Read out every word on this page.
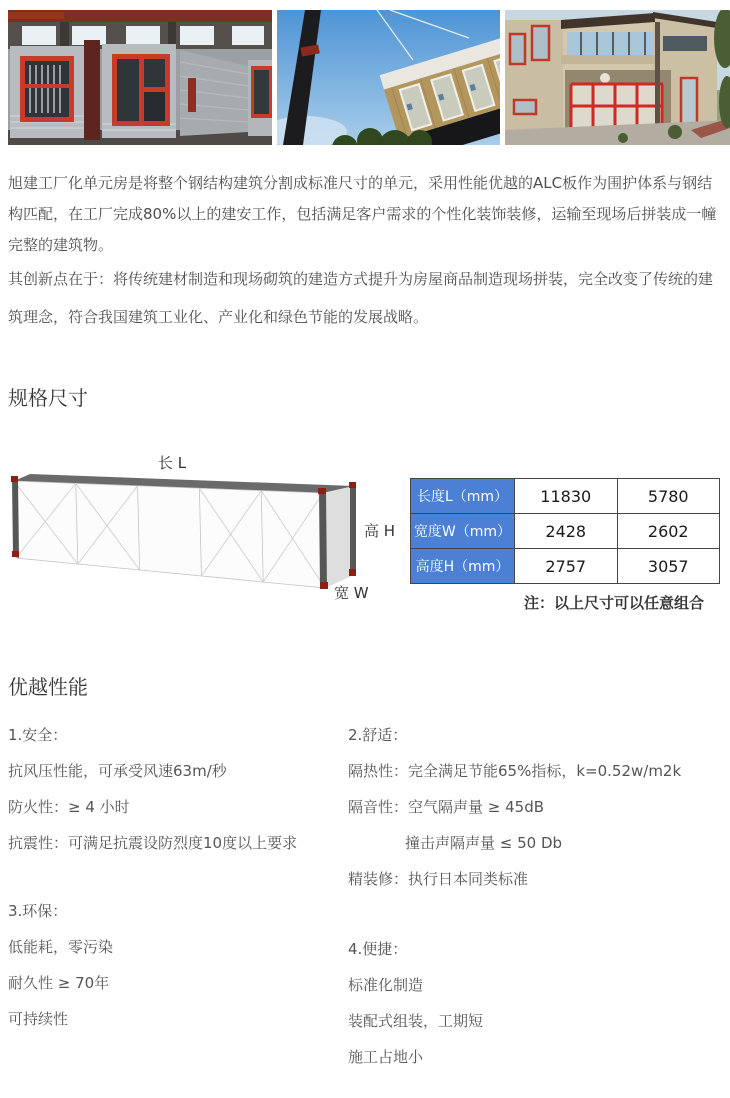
旭建工厂化单元房是将整个钢结构建筑分割成标准尺寸的单元，采用性能优越的ALC板作为围护体系与钢结构匹配，在工厂完成80%以上的建安工作，包括满足客户需求的个性化装饰装修，运输至现场后拼装成一幢完整的建筑物。

其创新点在于：将传统建材制造和现场砌筑的建造方式提升为房屋商品制造现场拼装，完全改变了传统的建筑理念，符合我国建筑工业化、产业化和绿色节能的发展战略。

规格尺寸
长 L
高 H
宽 W
长度L（mm）	11830	5780
宽度W（mm）	2428	2602
高度H（mm）	2757	3057
注：以上尺寸可以任意组合
优越性能
1.安全：
抗风压性能，可承受风速63m/秒
防火性：≥ 4 小时
抗震性：可满足抗震设防烈度10度以上要求
2.舒适：
隔热性：完全满足节能65%指标，k=0.52w/m2k
隔音性：空气隔声量 ≥ 45dB
撞击声隔声量 ≤ 50 Db
精装修：执行日本同类标准
3.环保：
低能耗，零污染
耐久性 ≥ 70年
可持续性
4.便捷：
标准化制造
装配式组装，工期短
施工占地小
